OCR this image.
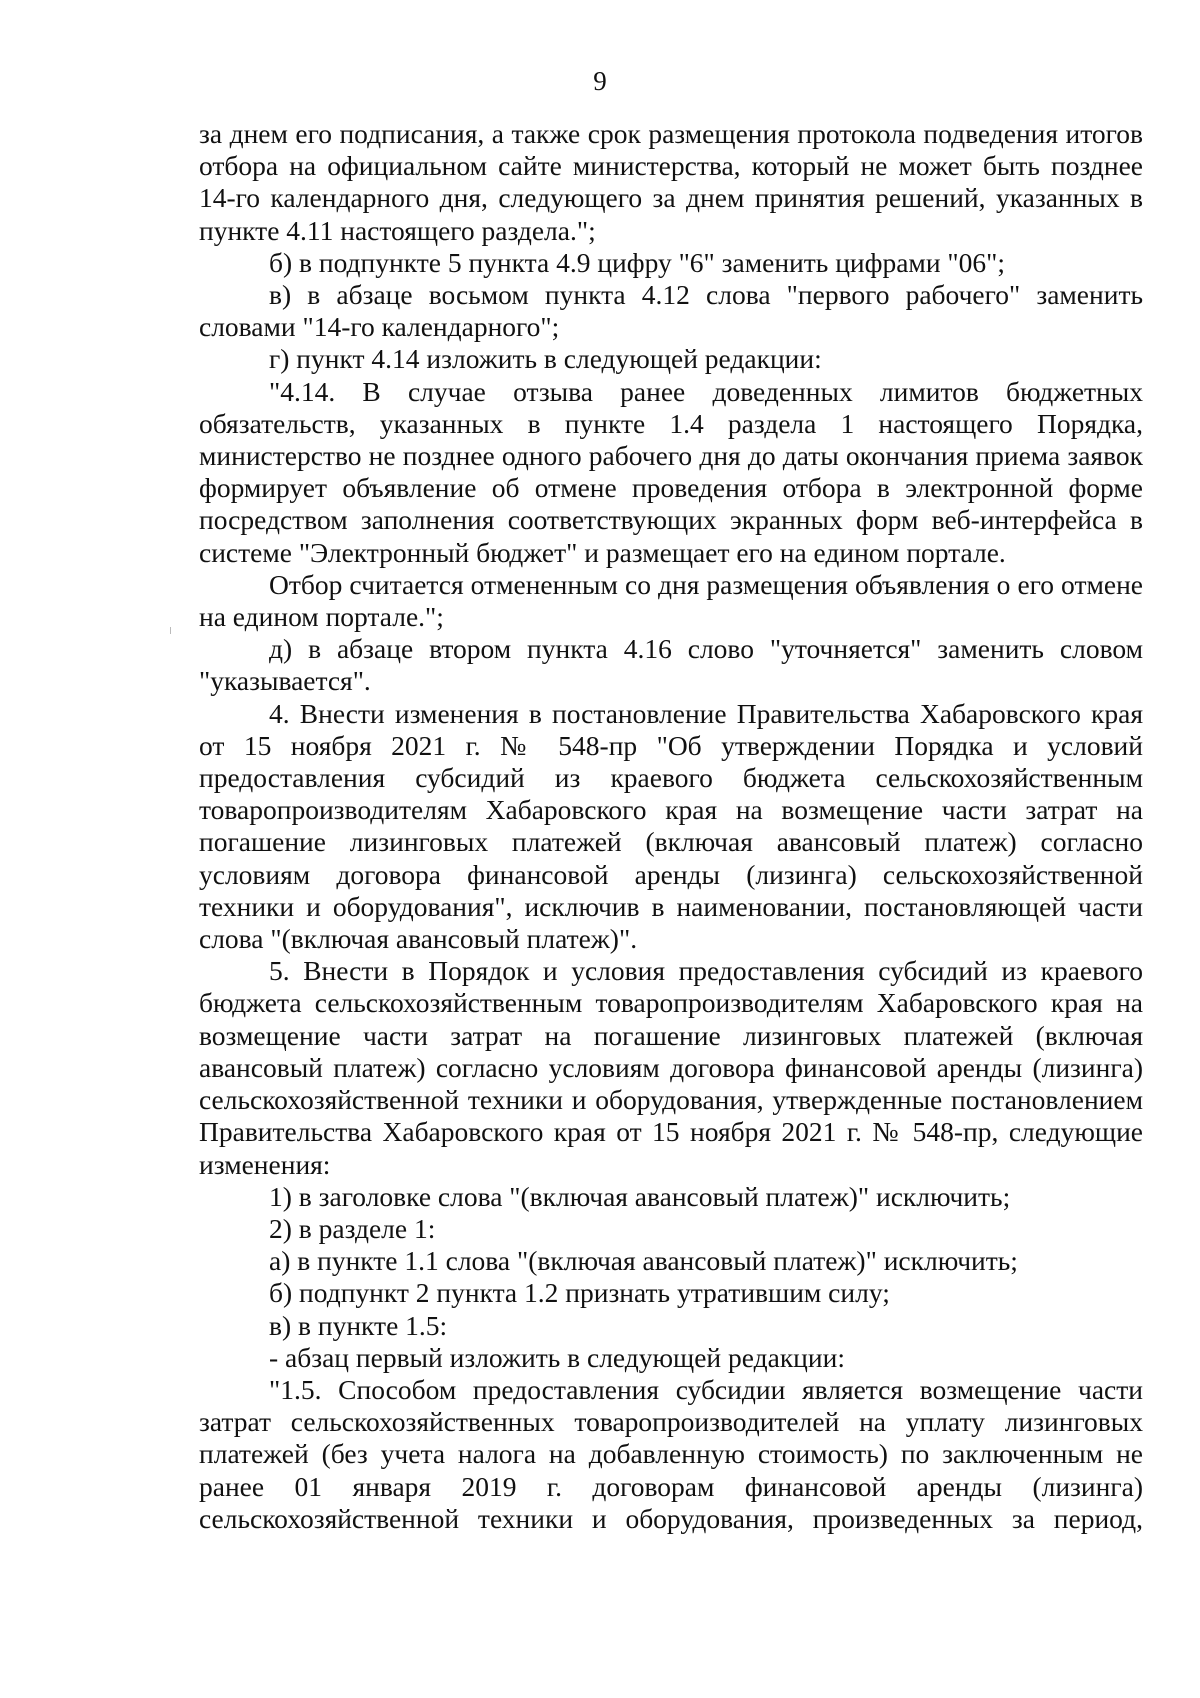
9

за днем его подписания, а также срок размещения протокола подведения итогов отбора на официальном сайте министерства, который не может быть позднее 14-го календарного дня, следующего за днем принятия решений, указанных в пункте 4.11 настоящего раздела.";

б) в подпункте 5 пункта 4.9 цифру "6" заменить цифрами "06";

в) в абзаце восьмом пункта 4.12 слова "первого рабочего" заменить словами "14-го календарного";

г) пункт 4.14 изложить в следующей редакции:

"4.14. В случае отзыва ранее доведенных лимитов бюджетных обязательств, указанных в пункте 1.4 раздела 1 настоящего Порядка, министерство не позднее одного рабочего дня до даты окончания приема заявок формирует объявление об отмене проведения отбора в электронной форме посредством заполнения соответствующих экранных форм веб-интерфейса в системе "Электронный бюджет" и размещает его на едином портале.

Отбор считается отмененным со дня размещения объявления о его отмене на едином портале.";

д) в абзаце втором пункта 4.16 слово "уточняется" заменить словом "указывается".

4. Внести изменения в постановление Правительства Хабаровского края от 15 ноября 2021 г. № 548-пр "Об утверждении Порядка и условий предоставления субсидий из краевого бюджета сельскохозяйственным товаропроизводителям Хабаровского края на возмещение части затрат на погашение лизинговых платежей (включая авансовый платеж) согласно условиям договора финансовой аренды (лизинга) сельскохозяйственной техники и оборудования", исключив в наименовании, постановляющей части слова "(включая авансовый платеж)".

5. Внести в Порядок и условия предоставления субсидий из краевого бюджета сельскохозяйственным товаропроизводителям Хабаровского края на возмещение части затрат на погашение лизинговых платежей (включая авансовый платеж) согласно условиям договора финансовой аренды (лизинга) сельскохозяйственной техники и оборудования, утвержденные постановлением Правительства Хабаровского края от 15 ноября 2021 г. № 548-пр, следующие изменения:

1) в заголовке слова "(включая авансовый платеж)" исключить;

2) в разделе 1:

а) в пункте 1.1 слова "(включая авансовый платеж)" исключить;

б) подпункт 2 пункта 1.2 признать утратившим силу;

в) в пункте 1.5:

- абзац первый изложить в следующей редакции:

"1.5. Способом предоставления субсидии является возмещение части затрат сельскохозяйственных товаропроизводителей на уплату лизинговых платежей (без учета налога на добавленную стоимость) по заключенным не ранее 01 января 2019 г. договорам финансовой аренды (лизинга) сельскохозяйственной техники и оборудования, произведенных за период,
